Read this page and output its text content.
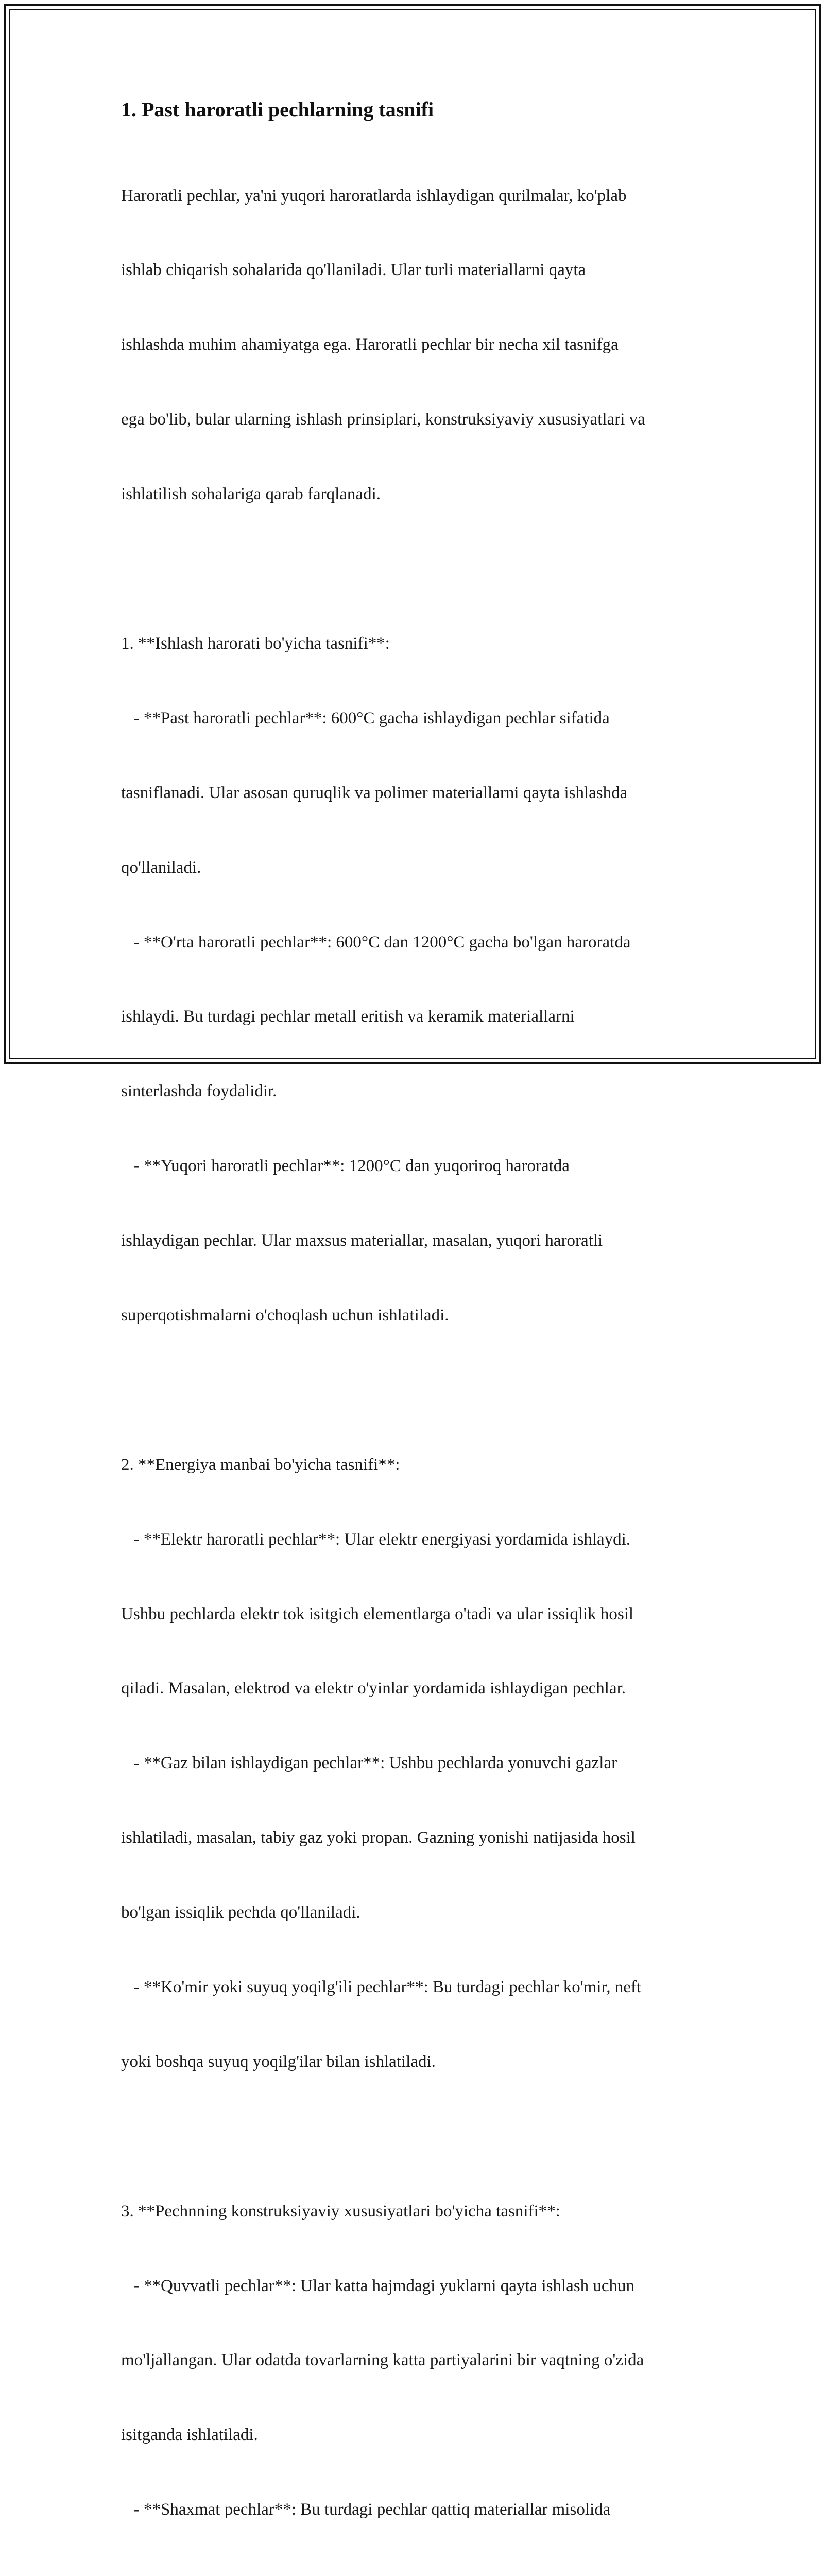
1. Past haroratli pechlarning tasnifi

Haroratli pechlar, ya'ni yuqori haroratlarda ishlaydigan qurilmalar, ko'plab

ishlab chiqarish sohalarida qo'llaniladi. Ular turli materiallarni qayta

ishlashda muhim ahamiyatga ega. Haroratli pechlar bir necha xil tasnifga

ega bo'lib, bular ularning ishlash prinsiplari, konstruksiyaviy xususiyatlari va

ishlatilish sohalariga qarab farqlanadi.

1. **Ishlash harorati bo'yicha tasnifi**:

- **Past haroratli pechlar**: 600°C gacha ishlaydigan pechlar sifatida

tasniflanadi. Ular asosan quruqlik va polimer materiallarni qayta ishlashda

qo'llaniladi.

- **O'rta haroratli pechlar**: 600°C dan 1200°C gacha bo'lgan haroratda

ishlaydi. Bu turdagi pechlar metall eritish va keramik materiallarni

sinterlashda foydalidir.

- **Yuqori haroratli pechlar**: 1200°C dan yuqoriroq haroratda

ishlaydigan pechlar. Ular maxsus materiallar, masalan, yuqori haroratli

superqotishmalarni o'choqlash uchun ishlatiladi.

2. **Energiya manbai bo'yicha tasnifi**:

- **Elektr haroratli pechlar**: Ular elektr energiyasi yordamida ishlaydi.

Ushbu pechlarda elektr tok isitgich elementlarga o'tadi va ular issiqlik hosil

qiladi. Masalan, elektrod va elektr o'yinlar yordamida ishlaydigan pechlar.

- **Gaz bilan ishlaydigan pechlar**: Ushbu pechlarda yonuvchi gazlar

ishlatiladi, masalan, tabiy gaz yoki propan. Gazning yonishi natijasida hosil

bo'lgan issiqlik pechda qo'llaniladi.

- **Ko'mir yoki suyuq yoqilg'ili pechlar**: Bu turdagi pechlar ko'mir, neft

yoki boshqa suyuq yoqilg'ilar bilan ishlatiladi.

3. **Pechnning konstruksiyaviy xususiyatlari bo'yicha tasnifi**:

- **Quvvatli pechlar**: Ular katta hajmdagi yuklarni qayta ishlash uchun

mo'ljallangan. Ular odatda tovarlarning katta partiyalarini bir vaqtning o'zida

isitganda ishlatiladi.

- **Shaxmat pechlar**: Bu turdagi pechlar qattiq materiallar misolida
